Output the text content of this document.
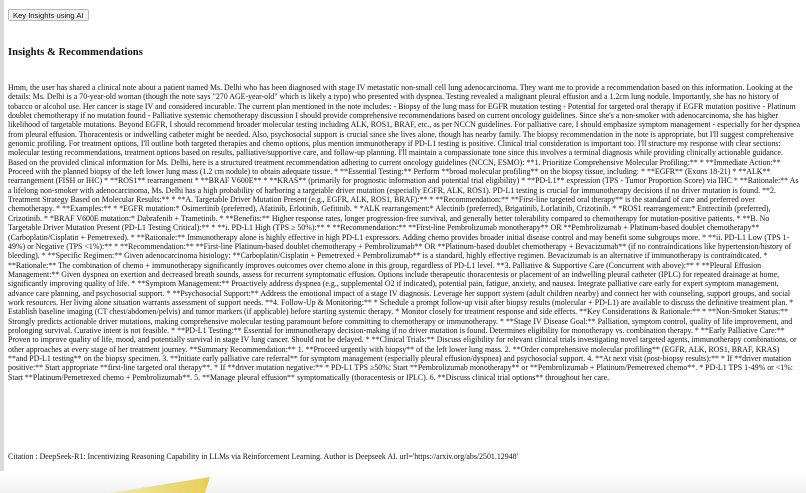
Key Insights using AI
Insights & Recommendations

Hmm, the user has shared a clinical note about a patient named Ms. Delhi who has been diagnosed with stage IV metastatic non-small cell lung adenocarcinoma. They want me to provide a recommendation based on this information. Looking at the details: Ms. Delhi is a 70-year-old woman (though the note says "270 AGE-year-old" which is likely a typo) who presented with dyspnea. Testing revealed a malignant pleural effusion and a 1.2cm lung nodule. Importantly, she has no history of tobacco or alcohol use. Her cancer is stage IV and considered incurable. The current plan mentioned in the note includes: - Biopsy of the lung mass for EGFR mutation testing - Potential for targeted oral therapy if EGFR mutation positive - Platinum doublet chemotherapy if no mutation found - Palliative systemic chemotherapy discussion I should provide comprehensive recommendations based on current oncology guidelines. Since she's a non-smoker with adenocarcinoma, she has higher likelihood of targetable mutations. Beyond EGFR, I should recommend broader molecular testing including ALK, ROS1, BRAF, etc., as per NCCN guidelines. For palliative care, I should emphasize symptom management - especially for her dyspnea from pleural effusion. Thoracentesis or indwelling catheter might be needed. Also, psychosocial support is crucial since she lives alone, though has nearby family. The biopsy recommendation in the note is appropriate, but I'll suggest comprehensive genomic profiling. For treatment options, I'll outline both targeted therapies and chemo options, plus mention immunotherapy if PD-L1 testing is positive. Clinical trial consideration is important too. I'll structure my response with clear sections: molecular testing recommendations, treatment options based on results, palliative/supportive care, and follow-up planning. I'll maintain a compassionate tone since this involves a terminal diagnosis while providing clinically actionable guidance. Based on the provided clinical information for Ms. Delhi, here is a structured treatment recommendation adhering to current oncology guidelines (NCCN, ESMO): **1. Prioritize Comprehensive Molecular Profiling:** * **Immediate Action:** Proceed with the planned biopsy of the left lower lung mass (1.2 cm nodule) to obtain adequate tissue. * **Essential Testing:** Perform **broad molecular profiling** on the biopsy tissue, including: * **EGFR** (Exons 18-21) * **ALK** rearrangement (FISH or IHC) * **ROS1** rearrangement * **BRAF V600E** * **KRAS** (primarily for prognostic information and potential trial eligibility) * **PD-L1** expression (TPS - Tumor Proportion Score) via IHC * **Rationale:** As a lifelong non-smoker with adenocarcinoma, Ms. Delhi has a high probability of harboring a targetable driver mutation (especially EGFR, ALK, ROS1). PD-L1 testing is crucial for immunotherapy decisions if no driver mutation is found. **2. Treatment Strategy Based on Molecular Results:** * **A. Targetable Driver Mutation Present (e.g., EGFR, ALK, ROS1, BRAF):** * **Recommendation:** **First-line targeted oral therapy** is the standard of care and preferred over chemotherapy. * **Examples:** * *EGFR mutation:* Osimertinib (preferred), Afatinib, Erlotinib, Gefitinib. * *ALK rearrangement:* Alectinib (preferred), Brigatinib, Lorlatinib, Crizotinib. * *ROS1 rearrangement:* Entrectinib (preferred), Crizotinib. * *BRAF V600E mutation:* Dabrafenib + Trametinib. * **Benefits:** Higher response rates, longer progression-free survival, and generally better tolerability compared to chemotherapy for mutation-positive patients. * **B. No Targetable Driver Mutation Present (PD-L1 Testing Critical):** * **i. PD-L1 High (TPS ≥ 50%):** * **Recommendation:** **First-line Pembrolizumab monotherapy** OR **Pembrolizumab + Platinum-based doublet chemotherapy** (Carboplatin/Cisplatin + Pemetrexed). * **Rationale:** Immunotherapy alone is highly effective in high PD-L1 expressors. Adding chemo provides broader initial disease control and may benefit some subgroups more. * **ii. PD-L1 Low (TPS 1-49%) or Negative (TPS <1%):** * **Recommendation:** **First-line Platinum-based doublet chemotherapy + Pembrolizumab** OR **Platinum-based doublet chemotherapy + Bevacizumab** (if no contraindications like hypertension/history of bleeding). * **Specific Regimen:** Given adenocarcinoma histology: **Carboplatin/Cisplatin + Pemetrexed + Pembrolizumab** is a standard, highly effective regimen. Bevacizumab is an alternative if immunotherapy is contraindicated. * **Rationale:** The combination of chemo + immunotherapy significantly improves outcomes over chemo alone in this group, regardless of PD-L1 level. **3. Palliative & Supportive Care (Concurrent with above):** * **Pleural Effusion Management:** Given dyspnea on exertion and decreased breath sounds, assess for recurrent symptomatic effusion. Options include therapeutic thoracentesis or placement of an indwelling pleural catheter (IPLC) for repeated drainage at home, significantly improving quality of life. * **Symptom Management:** Proactively address dyspnea (e.g., supplemental O2 if indicated), potential pain, fatigue, anxiety, and nausea. Integrate palliative care early for expert symptom management, advance care planning, and psychosocial support. * **Psychosocial Support:** Address the emotional impact of a stage IV diagnosis. Leverage her support system (adult children nearby) and connect her with counseling, support groups, and social work resources. Her living alone situation warrants assessment of support needs. **4. Follow-Up & Monitoring:** * Schedule a prompt follow-up visit after biopsy results (molecular + PD-L1) are available to discuss the definitive treatment plan. * Establish baseline imaging (CT chest/abdomen/pelvis) and tumor markers (if applicable) before starting systemic therapy. * Monitor closely for treatment response and side effects. **Key Considerations & Rationale:** * **Non-Smoker Status:** Strongly predicts actionable driver mutations, making comprehensive molecular testing paramount before committing to chemotherapy or immunotherapy. * **Stage IV Disease Goal:** Palliation, symptom control, quality of life improvement, and prolonging survival. Curative intent is not feasible. * **PD-L1 Testing:** Essential for immunotherapy decision-making if no driver mutation is found. Determines eligibility for monotherapy vs. combination therapy. * **Early Palliative Care:** Proven to improve quality of life, mood, and potentially survival in stage IV lung cancer. Should not be delayed. * **Clinical Trials:** Discuss eligibility for relevant clinical trials investigating novel targeted agents, immunotherapy combinations, or other approaches at every stage of her treatment journey. **Summary Recommendation:** 1. **Proceed urgently with biopsy** of the left lower lung mass. 2. **Order comprehensive molecular profiling** (EGFR, ALK, ROS1, BRAF, KRAS) **and PD-L1 testing** on the biopsy specimen. 3. **Initiate early palliative care referral** for symptom management (especially pleural effusion/dyspnea) and psychosocial support. 4. **At next visit (post-biopsy results):** * If **driver mutation positive:** Start appropriate **first-line targeted oral therapy**. * If **driver mutation negative:** * PD-L1 TPS ≥50%: Start **Pembrolizumab monotherapy** or **Pembrolizumab + Platinum/Pemetrexed chemo**. * PD-L1 TPS 1-49% or <1%: Start **Platinum/Pemetrexed chemo + Pembrolizumab**. 5. **Manage pleural effusion** symptomatically (thoracentesis or IPLC). 6. **Discuss clinical trial options** throughout her care.

Citation : DeepSeek-R1: Incentivizing Reasoning Capability in LLMs via Reinforcement Learning. Author is Deepseek AI. url='https://arxiv.org/abs/2501.12948'
